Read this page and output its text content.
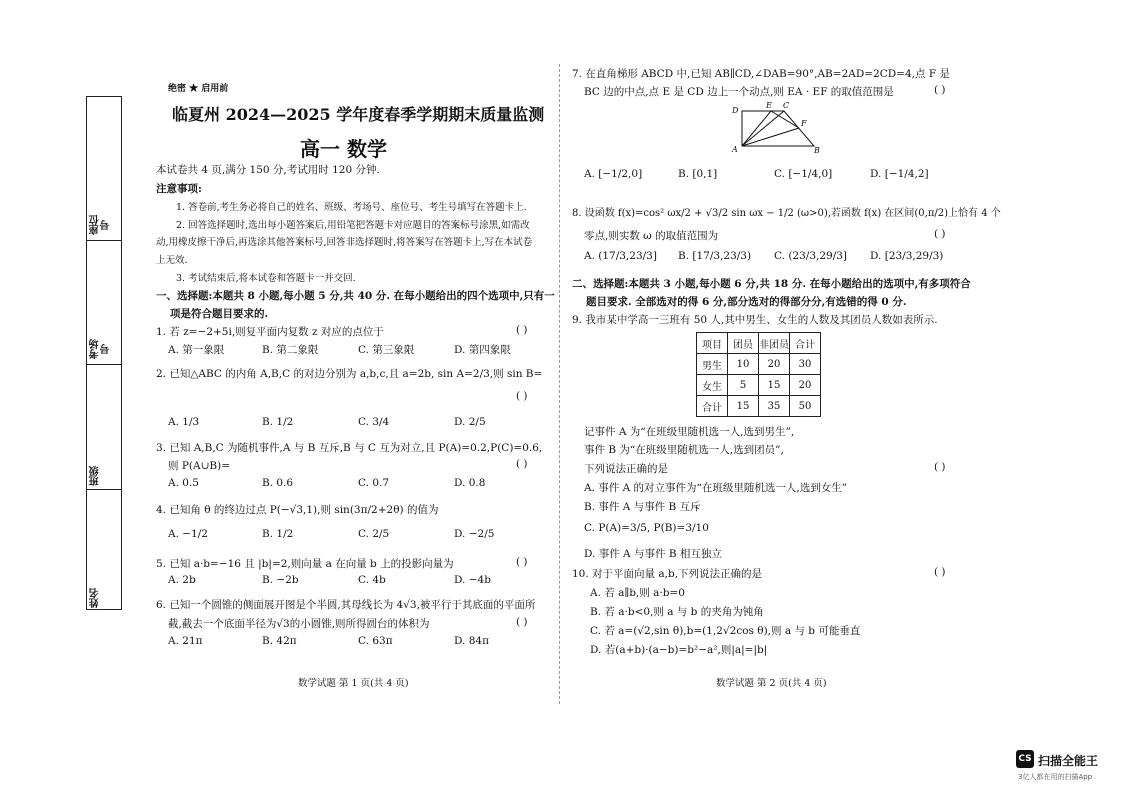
绝密 ★ 启用前
临夏州 2024—2025 学年度春季学期期末质量监测
高一 数学
本试卷共 4 页,满分 150 分,考试用时 120 分钟.
注意事项:
1. 答卷前,考生务必将自己的姓名、班级、考场号、座位号、考生号填写在答题卡上.
2. 回答选择题时,选出每小题答案后,用铅笔把答题卡对应题目的答案标号涂黑,如需改
动,用橡皮擦干净后,再选涂其他答案标号,回答非选择题时,将答案写在答题卡上,写在本试卷
上无效.
3. 考试结束后,将本试卷和答题卡一并交回.
一、选择题:本题共 8 小题,每小题 5 分,共 40 分. 在每小题给出的四个选项中,只有一
项是符合题目要求的.
1. 若 z=−2+5i,则复平面内复数 z 对应的点位于	( )
A. 第一象限	B. 第二象限	C. 第三象限	D. 第四象限
2. 已知△ABC 的内角 A,B,C 的对边分别为 a,b,c,且 a=2b, sin A=2/3,则 sin B=
( )
A. 1/3	B. 1/2	C. 3/4	D. 2/5
3. 已知 A,B,C 为随机事件,A 与 B 互斥,B 与 C 互为对立,且 P(A)=0.2,P(C)=0.6,
则 P(A∪B)=	( )
A. 0.5	B. 0.6	C. 0.7	D. 0.8
4. 已知角 θ 的终边过点 P(−√3,1),则 sin(3π/2+2θ) 的值为
A. −1/2	B. 1/2	C. 2/5	D. −2/5
5. 已知 a·b=−16 且 |b|=2,则向量 a 在向量 b 上的投影向量为	( )
A. 2b	B. −2b	C. 4b	D. −4b
6. 已知一个圆锥的侧面展开图是个半圆,其母线长为 4√3,被平行于其底面的平面所
截,截去一个底面半径为√3的小圆锥,则所得圆台的体积为	( )
A. 21π	B. 42π	C. 63π	D. 84π
数学试题 第 1 页(共 4 页)
座位号
考场号
班级
姓名
7. 在直角梯形 ABCD 中,已知 AB∥CD,∠DAB=90°,AB=2AD=2CD=4,点 F 是
BC 边的中点,点 E 是 CD 边上一个动点,则 EA · EF 的取值范围是	( )
D
E C
F
A	B
A. [−1/2,0]	B. [0,1]	C. [−1/4,0]	D. [−1/4,2]
8. 设函数 f(x)=cos² ωx/2 + √3/2 sin ωx − 1/2 (ω>0),若函数 f(x) 在区间(0,π/2)上恰有 4 个
零点,则实数 ω 的取值范围为	( )
A. (17/3,23/3] B. [17/3,23/3) C. (23/3,29/3] D. [23/3,29/3)
二、选择题:本题共 3 小题,每小题 6 分,共 18 分. 在每小题给出的选项中,有多项符合
题目要求. 全部选对的得 6 分,部分选对的得部分分,有选错的得 0 分.
9. 我市某中学高一三班有 50 人,其中男生、女生的人数及其团员人数如表所示.
项目	团员	非团员	合计
男生	10	20	30
女生	5	15	20
合计	15	35	50
记事件 A 为“在班级里随机选一人,选到男生”,
事件 B 为“在班级里随机选一人,选到团员”,
下列说法正确的是	( )
A. 事件 A 的对立事件为“在班级里随机选一人,选到女生”
B. 事件 A 与事件 B 互斥
C. P(A)=3/5, P(B)=3/10
D. 事件 A 与事件 B 相互独立
10. 对于平面向量 a,b,下列说法正确的是	( )
A. 若 a∥b,则 a·b=0
B. 若 a·b<0,则 a 与 b 的夹角为钝角
C. 若 a=(√2,sin θ),b=(1,2√2cos θ),则 a 与 b 可能垂直
D. 若(a+b)·(a−b)=b²−a²,则|a|=|b|
数学试题 第 2 页(共 4 页)
CS 扫描全能王
3亿人都在用的扫描App
